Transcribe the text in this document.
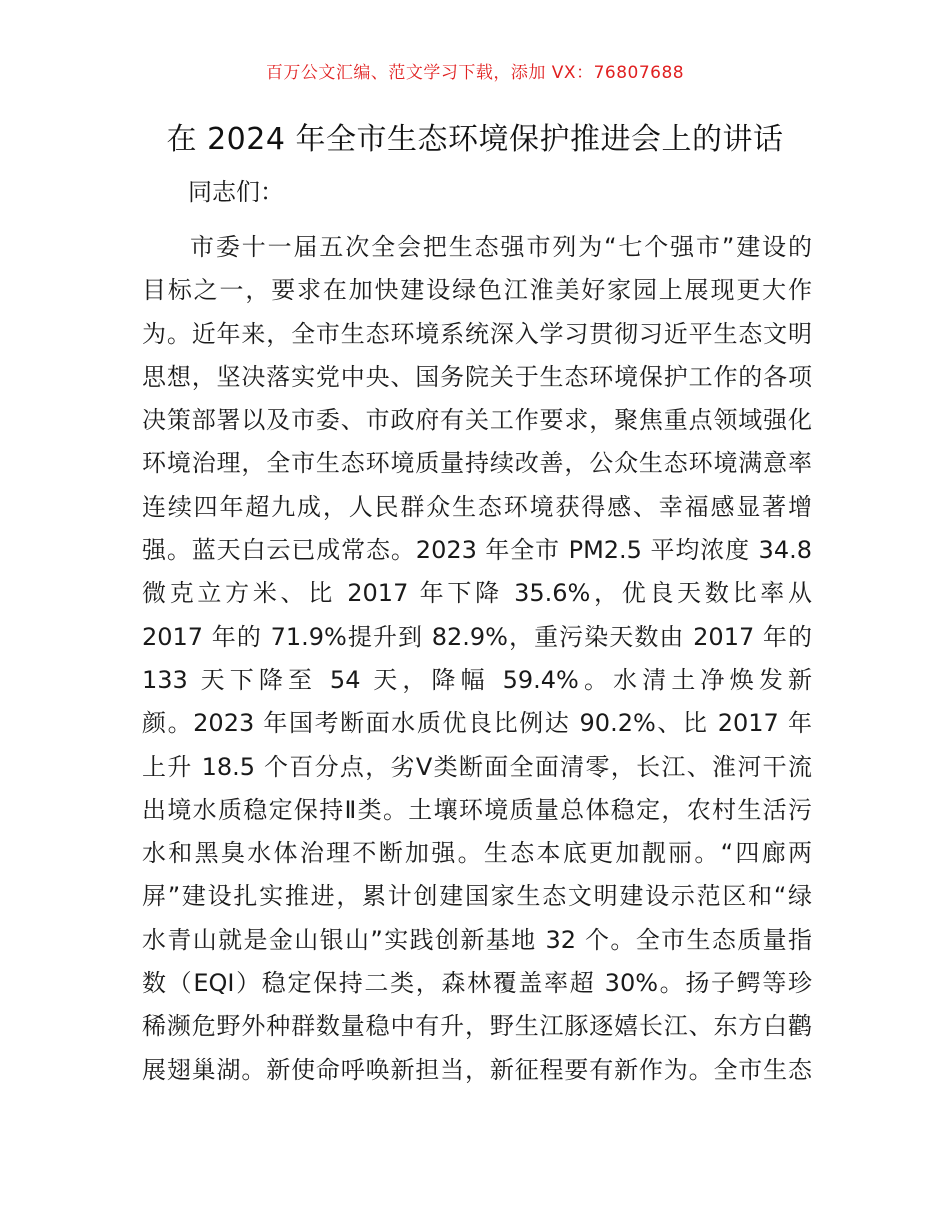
百万公文汇编、范文学习下载，添加 VX：76807688
在 2024 年全市生态环境保护推进会上的讲话
同志们：
市委十一届五次全会把生态强市列为“七个强市”建设的
目标之一，要求在加快建设绿色江淮美好家园上展现更大作
为。近年来，全市生态环境系统深入学习贯彻习近平生态文明
思想，坚决落实党中央、国务院关于生态环境保护工作的各项
决策部署以及市委、市政府有关工作要求，聚焦重点领域强化
环境治理，全市生态环境质量持续改善，公众生态环境满意率
连续四年超九成，人民群众生态环境获得感、幸福感显著增
强。蓝天白云已成常态。2023 年全市 PM2.5 平均浓度 34.8
微克立方米、比 2017 年下降 35.6%，优良天数比率从
2017 年的 71.9%提升到 82.9%，重污染天数由 2017 年的
133 天下降至 54 天，降幅 59.4%。水清土净焕发新
颜。2023 年国考断面水质优良比例达 90.2%、比 2017 年
上升 18.5 个百分点，劣V类断面全面清零，长江、淮河干流
出境水质稳定保持Ⅱ类。土壤环境质量总体稳定，农村生活污
水和黑臭水体治理不断加强。生态本底更加靓丽。“四廊两
屏”建设扎实推进，累计创建国家生态文明建设示范区和“绿
水青山就是金山银山”实践创新基地 32 个。全市生态质量指
数（EQI）稳定保持二类，森林覆盖率超 30%。扬子鳄等珍
稀濒危野外种群数量稳中有升，野生江豚逐嬉长江、东方白鹳
展翅巢湖。新使命呼唤新担当，新征程要有新作为。全市生态
